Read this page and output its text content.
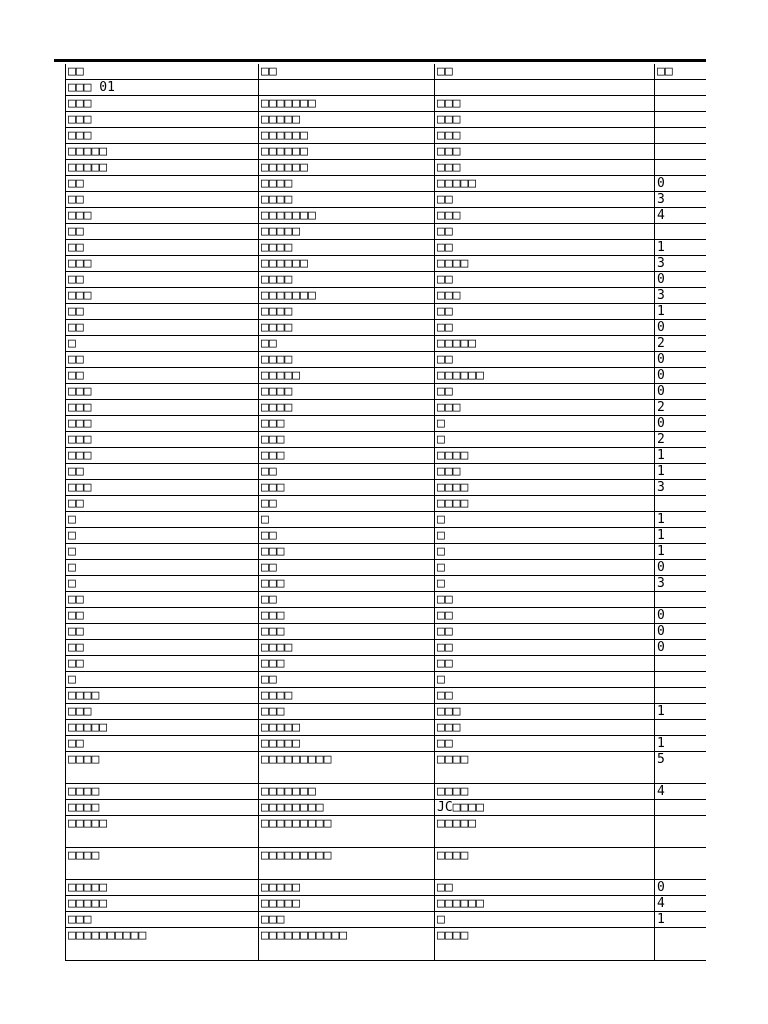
□□	□□	□□	□□
□□□ 01			
□□□	□□□□□□□	□□□	
□□□	□□□□□	□□□	
□□□	□□□□□□	□□□	
□□□□□	□□□□□□	□□□	
□□□□□	□□□□□□	□□□	
□□	□□□□	□□□□□	0
□□	□□□□	□□	3
□□□	□□□□□□□	□□□	4
□□	□□□□□	□□	
□□	□□□□	□□	1
□□□	□□□□□□	□□□□	3
□□	□□□□	□□	0
□□□	□□□□□□□	□□□	3
□□	□□□□	□□	1
□□	□□□□	□□	0
□	□□	□□□□□	2
□□	□□□□	□□	0
□□	□□□□□	□□□□□□	0
□□□	□□□□	□□	0
□□□	□□□□	□□□	2
□□□	□□□	□	0
□□□	□□□	□	2
□□□	□□□	□□□□	1
□□	□□	□□□	1
□□□	□□□	□□□□	3
□□	□□	□□□□	
□	□	□	1
□	□□	□	1
□	□□□	□	1
□	□□	□	0
□	□□□	□	3
□□	□□	□□	
□□	□□□	□□	0
□□	□□□	□□	0
□□	□□□□	□□	0
□□	□□□	□□	
□	□□	□	
□□□□	□□□□	□□	
□□□	□□□	□□□	1
□□□□□	□□□□□	□□□	
□□	□□□□□	□□	1
□□□□	□□□□□□□□□	□□□□	5
□□□□	□□□□□□□	□□□□	4
□□□□	□□□□□□□□	JC□□□□	
□□□□□	□□□□□□□□□	□□□□□	
□□□□	□□□□□□□□□	□□□□	
□□□□□	□□□□□	□□	0
□□□□□	□□□□□	□□□□□□	4
□□□	□□□	□	1
□□□□□□□□□□	□□□□□□□□□□□	□□□□	
